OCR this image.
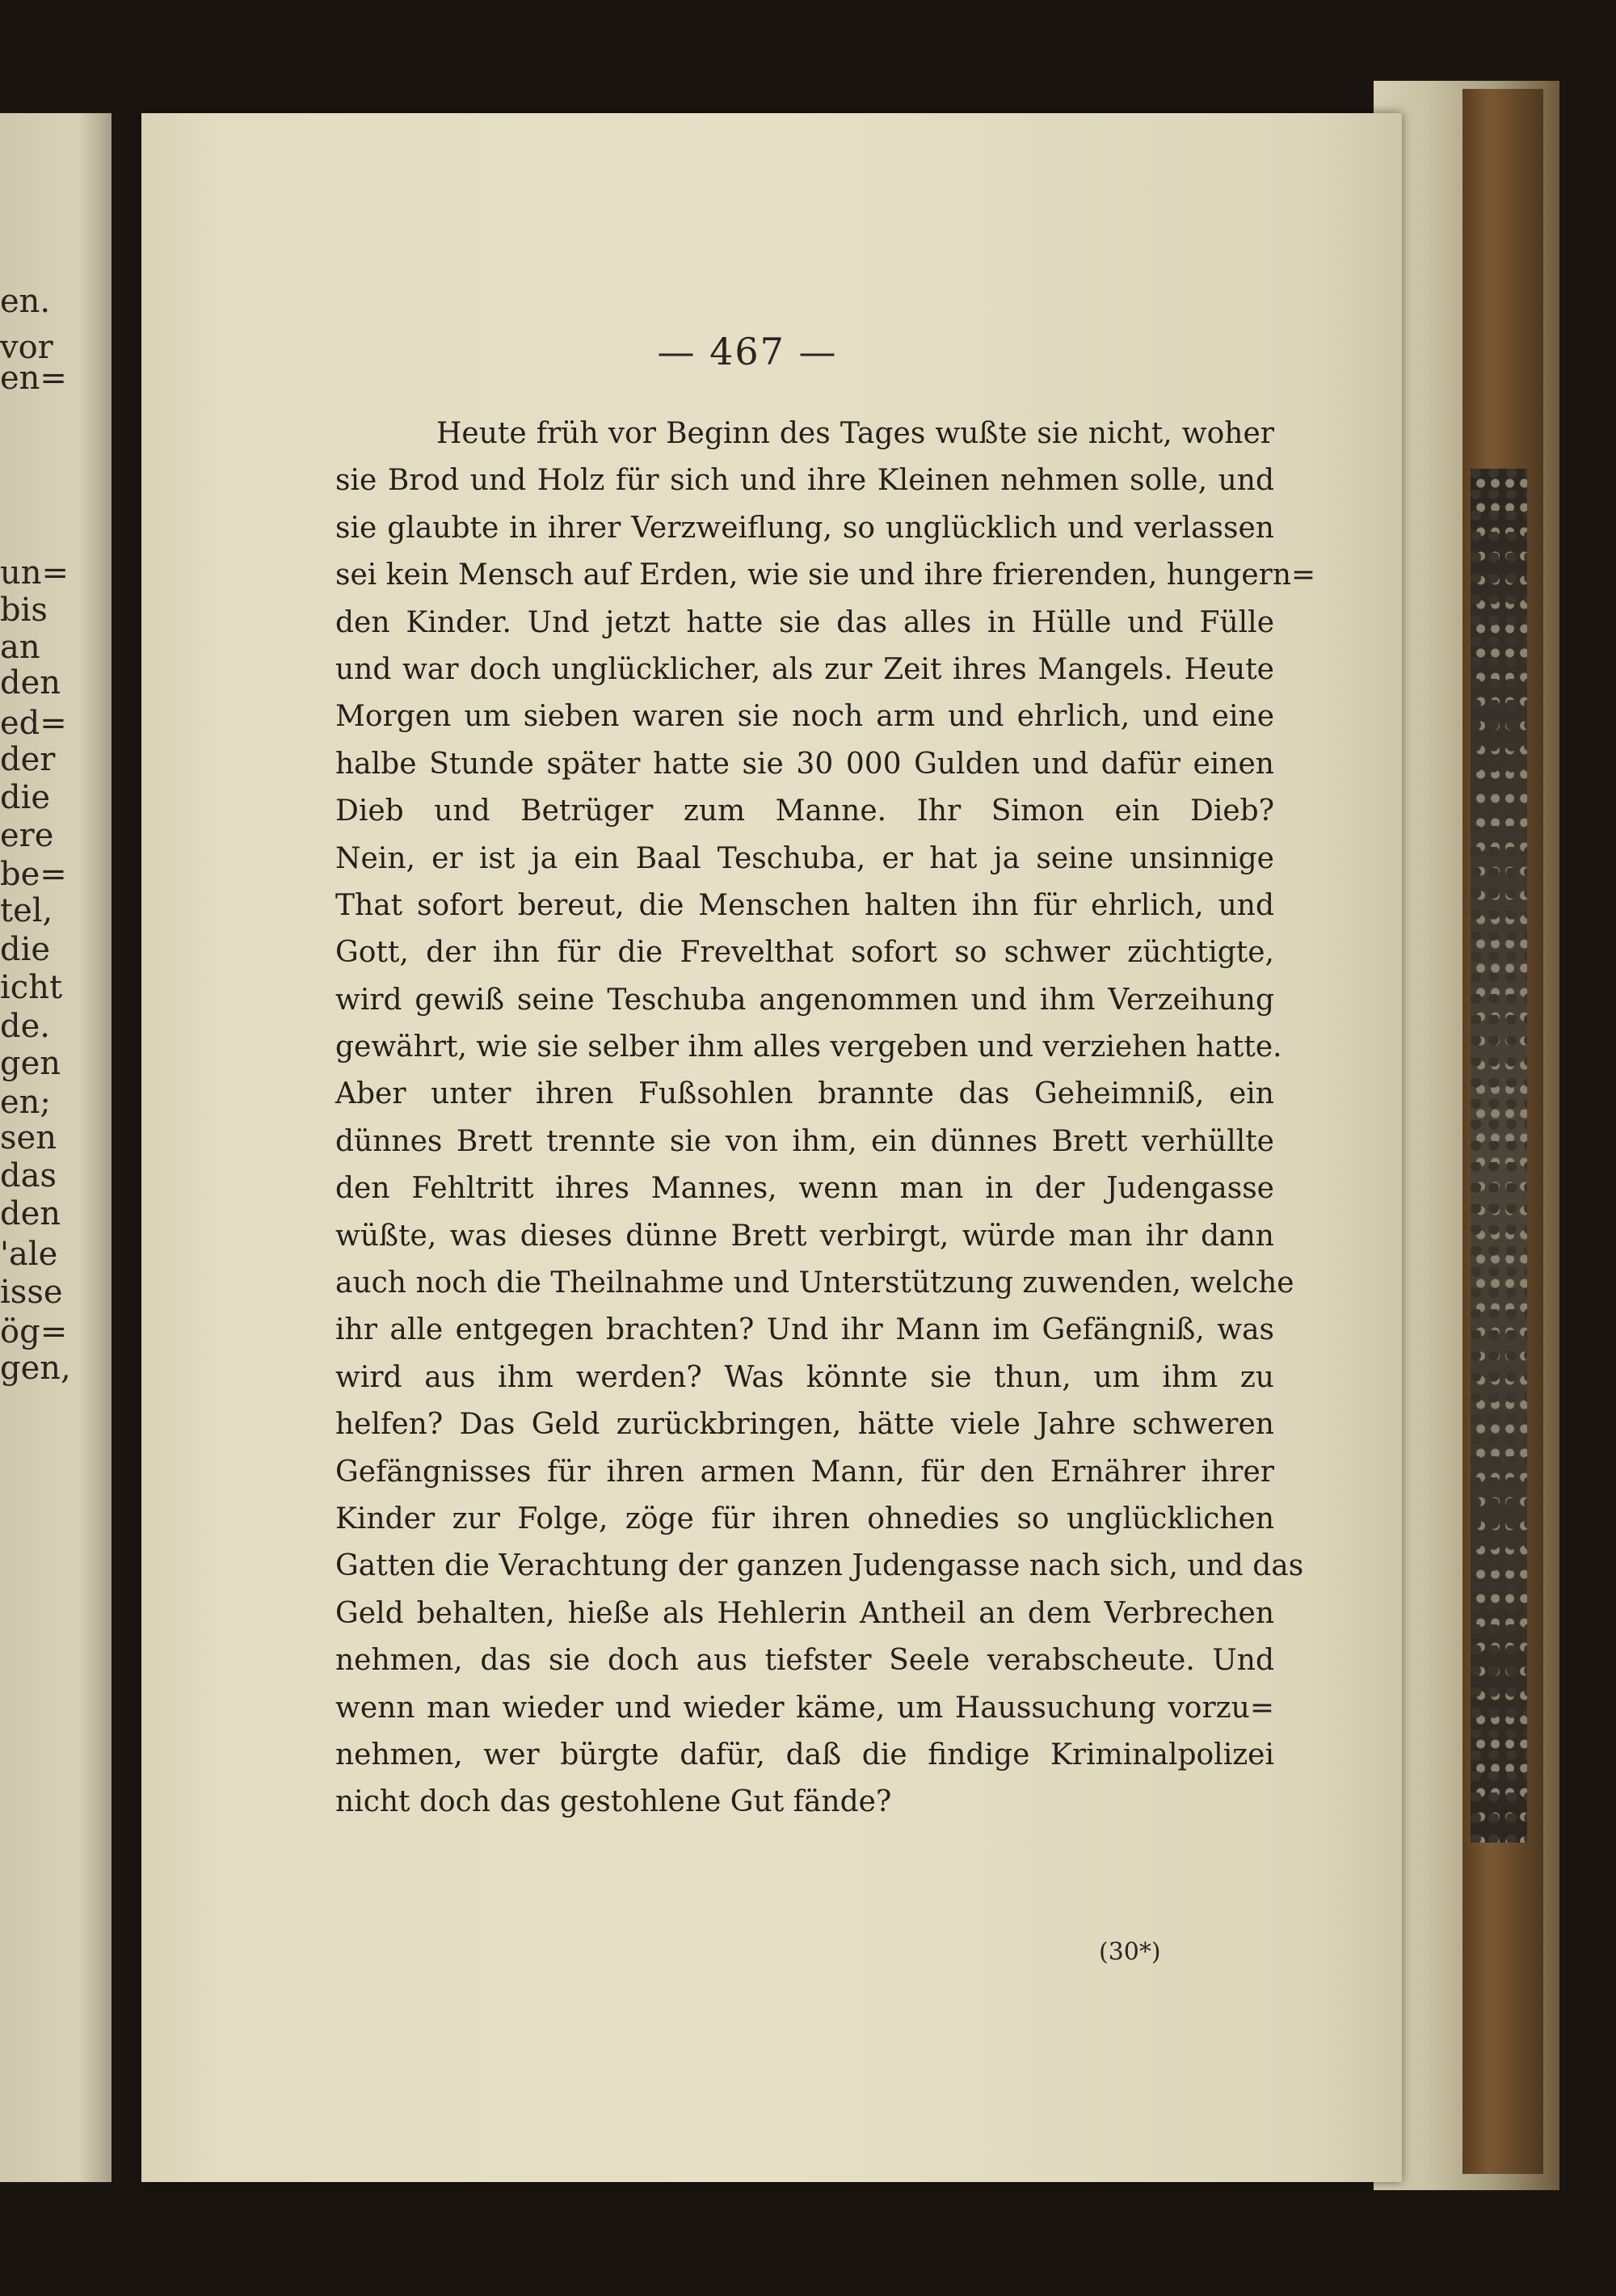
en.
vor
en=
un=
bis
an
den
ed=
der
die
ere
be=
tel,
die
icht
de.
gen
en;
sen
das
den
'ale
isse
ög=
gen,
— 467 —
Heute früh vor Beginn des Tages wußte sie nicht, woher
sie Brod und Holz für sich und ihre Kleinen nehmen solle, und
sie glaubte in ihrer Verzweiflung, so unglücklich und verlassen
sei kein Mensch auf Erden, wie sie und ihre frierenden, hungern=
den Kinder. Und jetzt hatte sie das alles in Hülle und Fülle
und war doch unglücklicher, als zur Zeit ihres Mangels. Heute
Morgen um sieben waren sie noch arm und ehrlich, und eine
halbe Stunde später hatte sie 30 000 Gulden und dafür einen
Dieb und Betrüger zum Manne. Ihr Simon ein Dieb?
Nein, er ist ja ein Baal Teschuba, er hat ja seine unsinnige
That sofort bereut, die Menschen halten ihn für ehrlich, und
Gott, der ihn für die Frevelthat sofort so schwer züchtigte,
wird gewiß seine Teschuba angenommen und ihm Verzeihung
gewährt, wie sie selber ihm alles vergeben und verziehen hatte.
Aber unter ihren Fußsohlen brannte das Geheimniß, ein
dünnes Brett trennte sie von ihm, ein dünnes Brett verhüllte
den Fehltritt ihres Mannes, wenn man in der Judengasse
wüßte, was dieses dünne Brett verbirgt, würde man ihr dann
auch noch die Theilnahme und Unterstützung zuwenden, welche
ihr alle entgegen brachten? Und ihr Mann im Gefängniß, was
wird aus ihm werden? Was könnte sie thun, um ihm zu
helfen? Das Geld zurückbringen, hätte viele Jahre schweren
Gefängnisses für ihren armen Mann, für den Ernährer ihrer
Kinder zur Folge, zöge für ihren ohnedies so unglücklichen
Gatten die Verachtung der ganzen Judengasse nach sich, und das
Geld behalten, hieße als Hehlerin Antheil an dem Verbrechen
nehmen, das sie doch aus tiefster Seele verabscheute. Und
wenn man wieder und wieder käme, um Haussuchung vorzu=
nehmen, wer bürgte dafür, daß die findige Kriminalpolizei
nicht doch das gestohlene Gut fände?
(30*)
